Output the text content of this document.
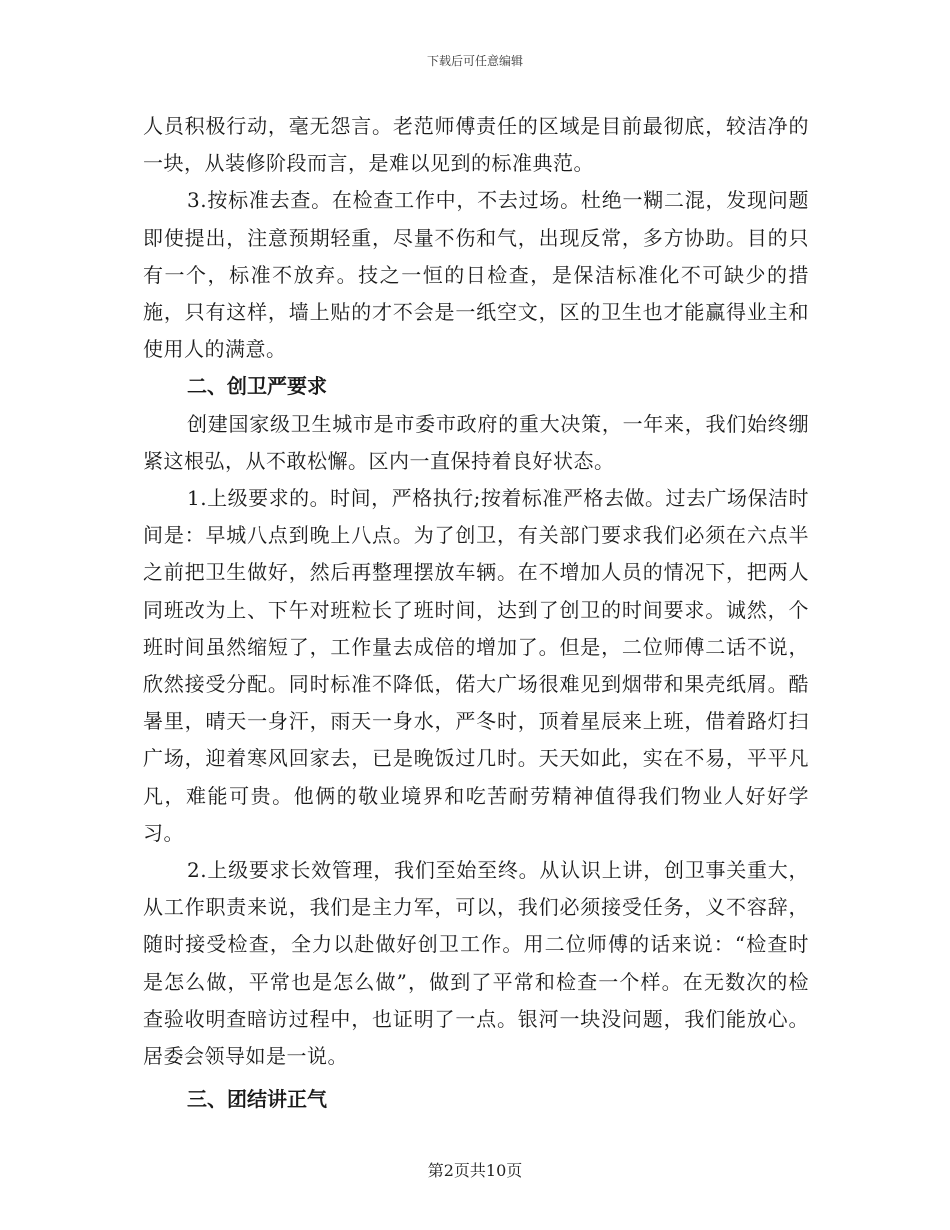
下载后可任意编辑

人员积极行动，毫无怨言。老范师傅责任的区域是目前最彻底，较洁净的一块，从装修阶段而言，是难以见到的标准典范。

3.按标准去查。在检查工作中，不去过场。杜绝一糊二混，发现问题即使提出，注意预期轻重，尽量不伤和气，出现反常，多方协助。目的只有一个，标准不放弃。技之一恒的日检查，是保洁标准化不可缺少的措施，只有这样，墙上贴的才不会是一纸空文，区的卫生也才能赢得业主和使用人的满意。

二、创卫严要求

创建国家级卫生城市是市委市政府的重大决策，一年来，我们始终绷紧这根弘，从不敢松懈。区内一直保持着良好状态。

1.上级要求的。时间，严格执行;按着标准严格去做。过去广场保洁时间是：早城八点到晚上八点。为了创卫，有关部门要求我们必须在六点半之前把卫生做好，然后再整理摆放车辆。在不增加人员的情况下，把两人同班改为上、下午对班粒长了班时间，达到了创卫的时间要求。诚然，个班时间虽然缩短了，工作量去成倍的增加了。但是，二位师傅二话不说，欣然接受分配。同时标准不降低，偌大广场很难见到烟带和果壳纸屑。酷暑里，晴天一身汗，雨天一身水，严冬时，顶着星辰来上班，借着路灯扫广场，迎着寒风回家去，已是晚饭过几时。天天如此，实在不易，平平凡凡，难能可贵。他俩的敬业境界和吃苦耐劳精神值得我们物业人好好学习。

2.上级要求长效管理，我们至始至终。从认识上讲，创卫事关重大，从工作职责来说，我们是主力军，可以，我们必须接受任务，义不容辞，随时接受检查，全力以赴做好创卫工作。用二位师傅的话来说：“检查时是怎么做，平常也是怎么做”，做到了平常和检查一个样。在无数次的检查验收明查暗访过程中，也证明了一点。银河一块没问题，我们能放心。居委会领导如是一说。

三、团结讲正气

第2页共10页
